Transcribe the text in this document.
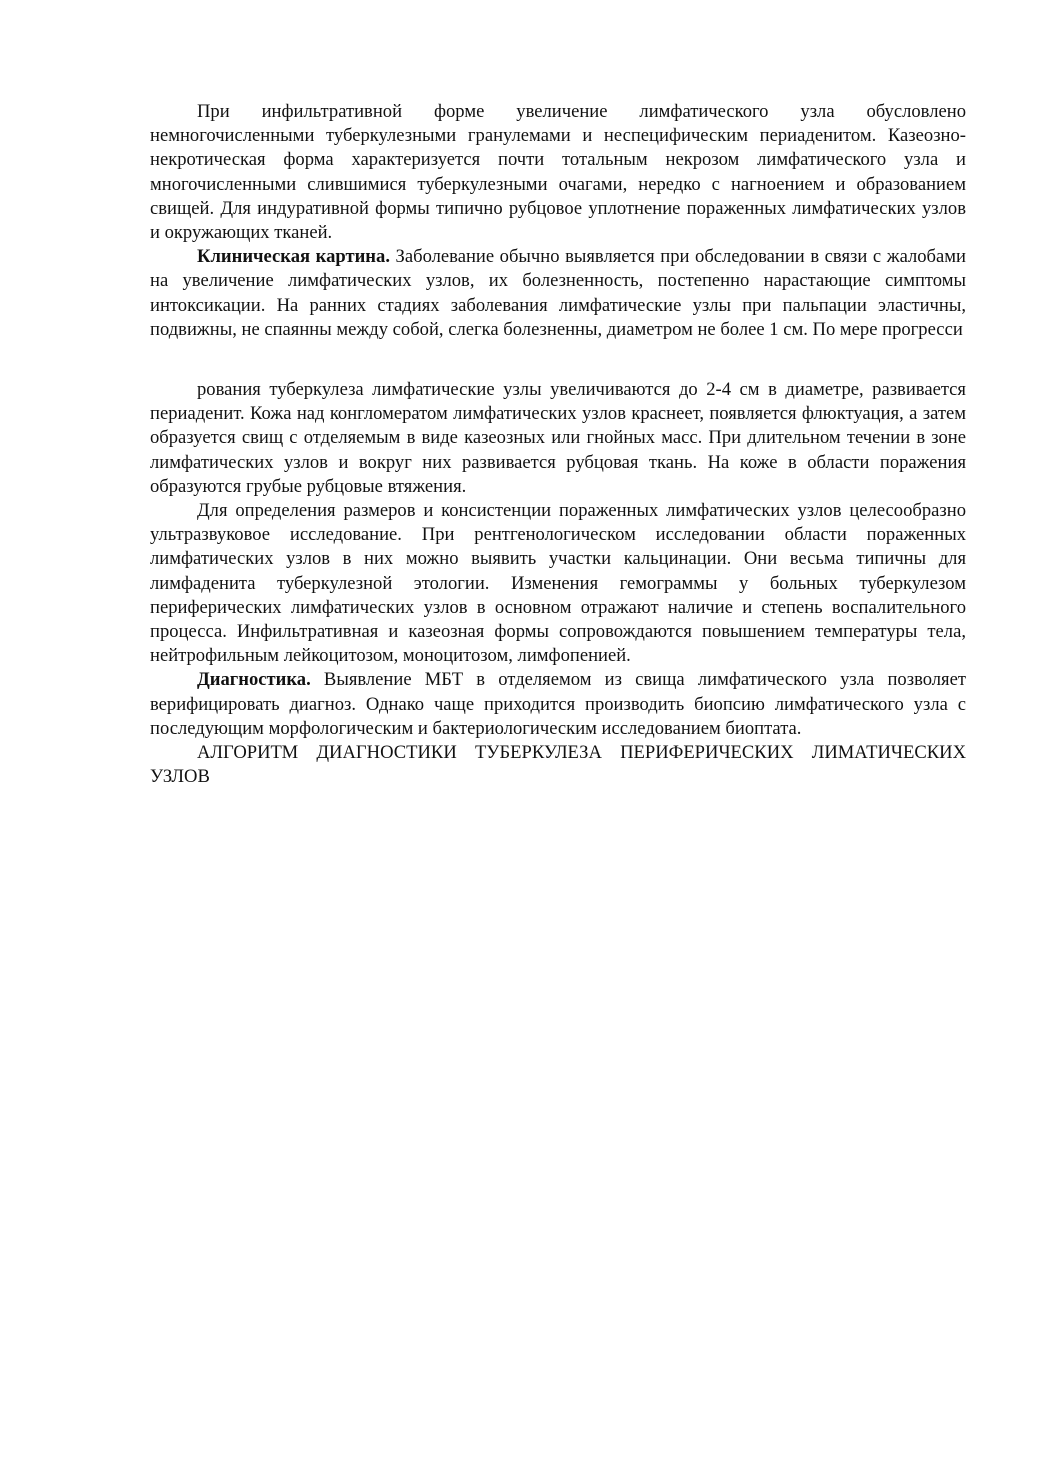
При инфильтративной форме увеличение лимфатического узла обусловлено немногочисленными туберкулезными гранулемами и неспецифическим периаденитом. Казеозно-некротическая форма характеризуется почти тотальным некрозом лимфатического узла и многочисленными слившимися туберкулезными очагами, нередко с нагноением и образованием свищей. Для индуративной формы типично рубцовое уплотнение пораженных лимфатических узлов и окружающих тканей.

Клиническая картина. Заболевание обычно выявляется при обследовании в связи с жалобами на увеличение лимфатических узлов, их болезненность, постепенно нарастающие симптомы интоксикации. На ранних стадиях заболевания лимфатические узлы при пальпации эластичны, подвижны, не спаянны между собой, слегка болезненны, диаметром не более 1 см. По мере прогресси

рования туберкулеза лимфатические узлы увеличиваются до 2-4 см в диаметре, развивается периаденит. Кожа над конгломератом лимфатических узлов краснеет, появляется флюктуация, а затем образуется свищ с отделяемым в виде казеозных или гнойных масс. При длительном течении в зоне лимфатических узлов и вокруг них развивается рубцовая ткань. На коже в области поражения образуются грубые рубцовые втяжения.

Для определения размеров и консистенции пораженных лимфатических узлов целесообразно ультразвуковое исследование. При рентгенологическом исследовании области пораженных лимфатических узлов в них можно выявить участки кальцинации. Они весьма типичны для лимфаденита туберкулезной этологии. Изменения гемограммы у больных туберкулезом периферических лимфатических узлов в основном отражают наличие и степень воспалительного процесса. Инфильтративная и казеозная формы сопровождаются повышением температуры тела, нейтрофильным лейкоцитозом, моноцитозом, лимфопенией.

Диагностика. Выявление МБТ в отделяемом из свища лимфатического узла позволяет верифицировать диагноз. Однако чаще приходится производить биопсию лимфатического узла с последующим морфологическим и бактериологическим исследованием биоптата.

АЛГОРИТМ ДИАГНОСТИКИ ТУБЕРКУЛЕЗА ПЕРИФЕРИЧЕСКИХ ЛИМАТИЧЕСКИХ УЗЛОВ
